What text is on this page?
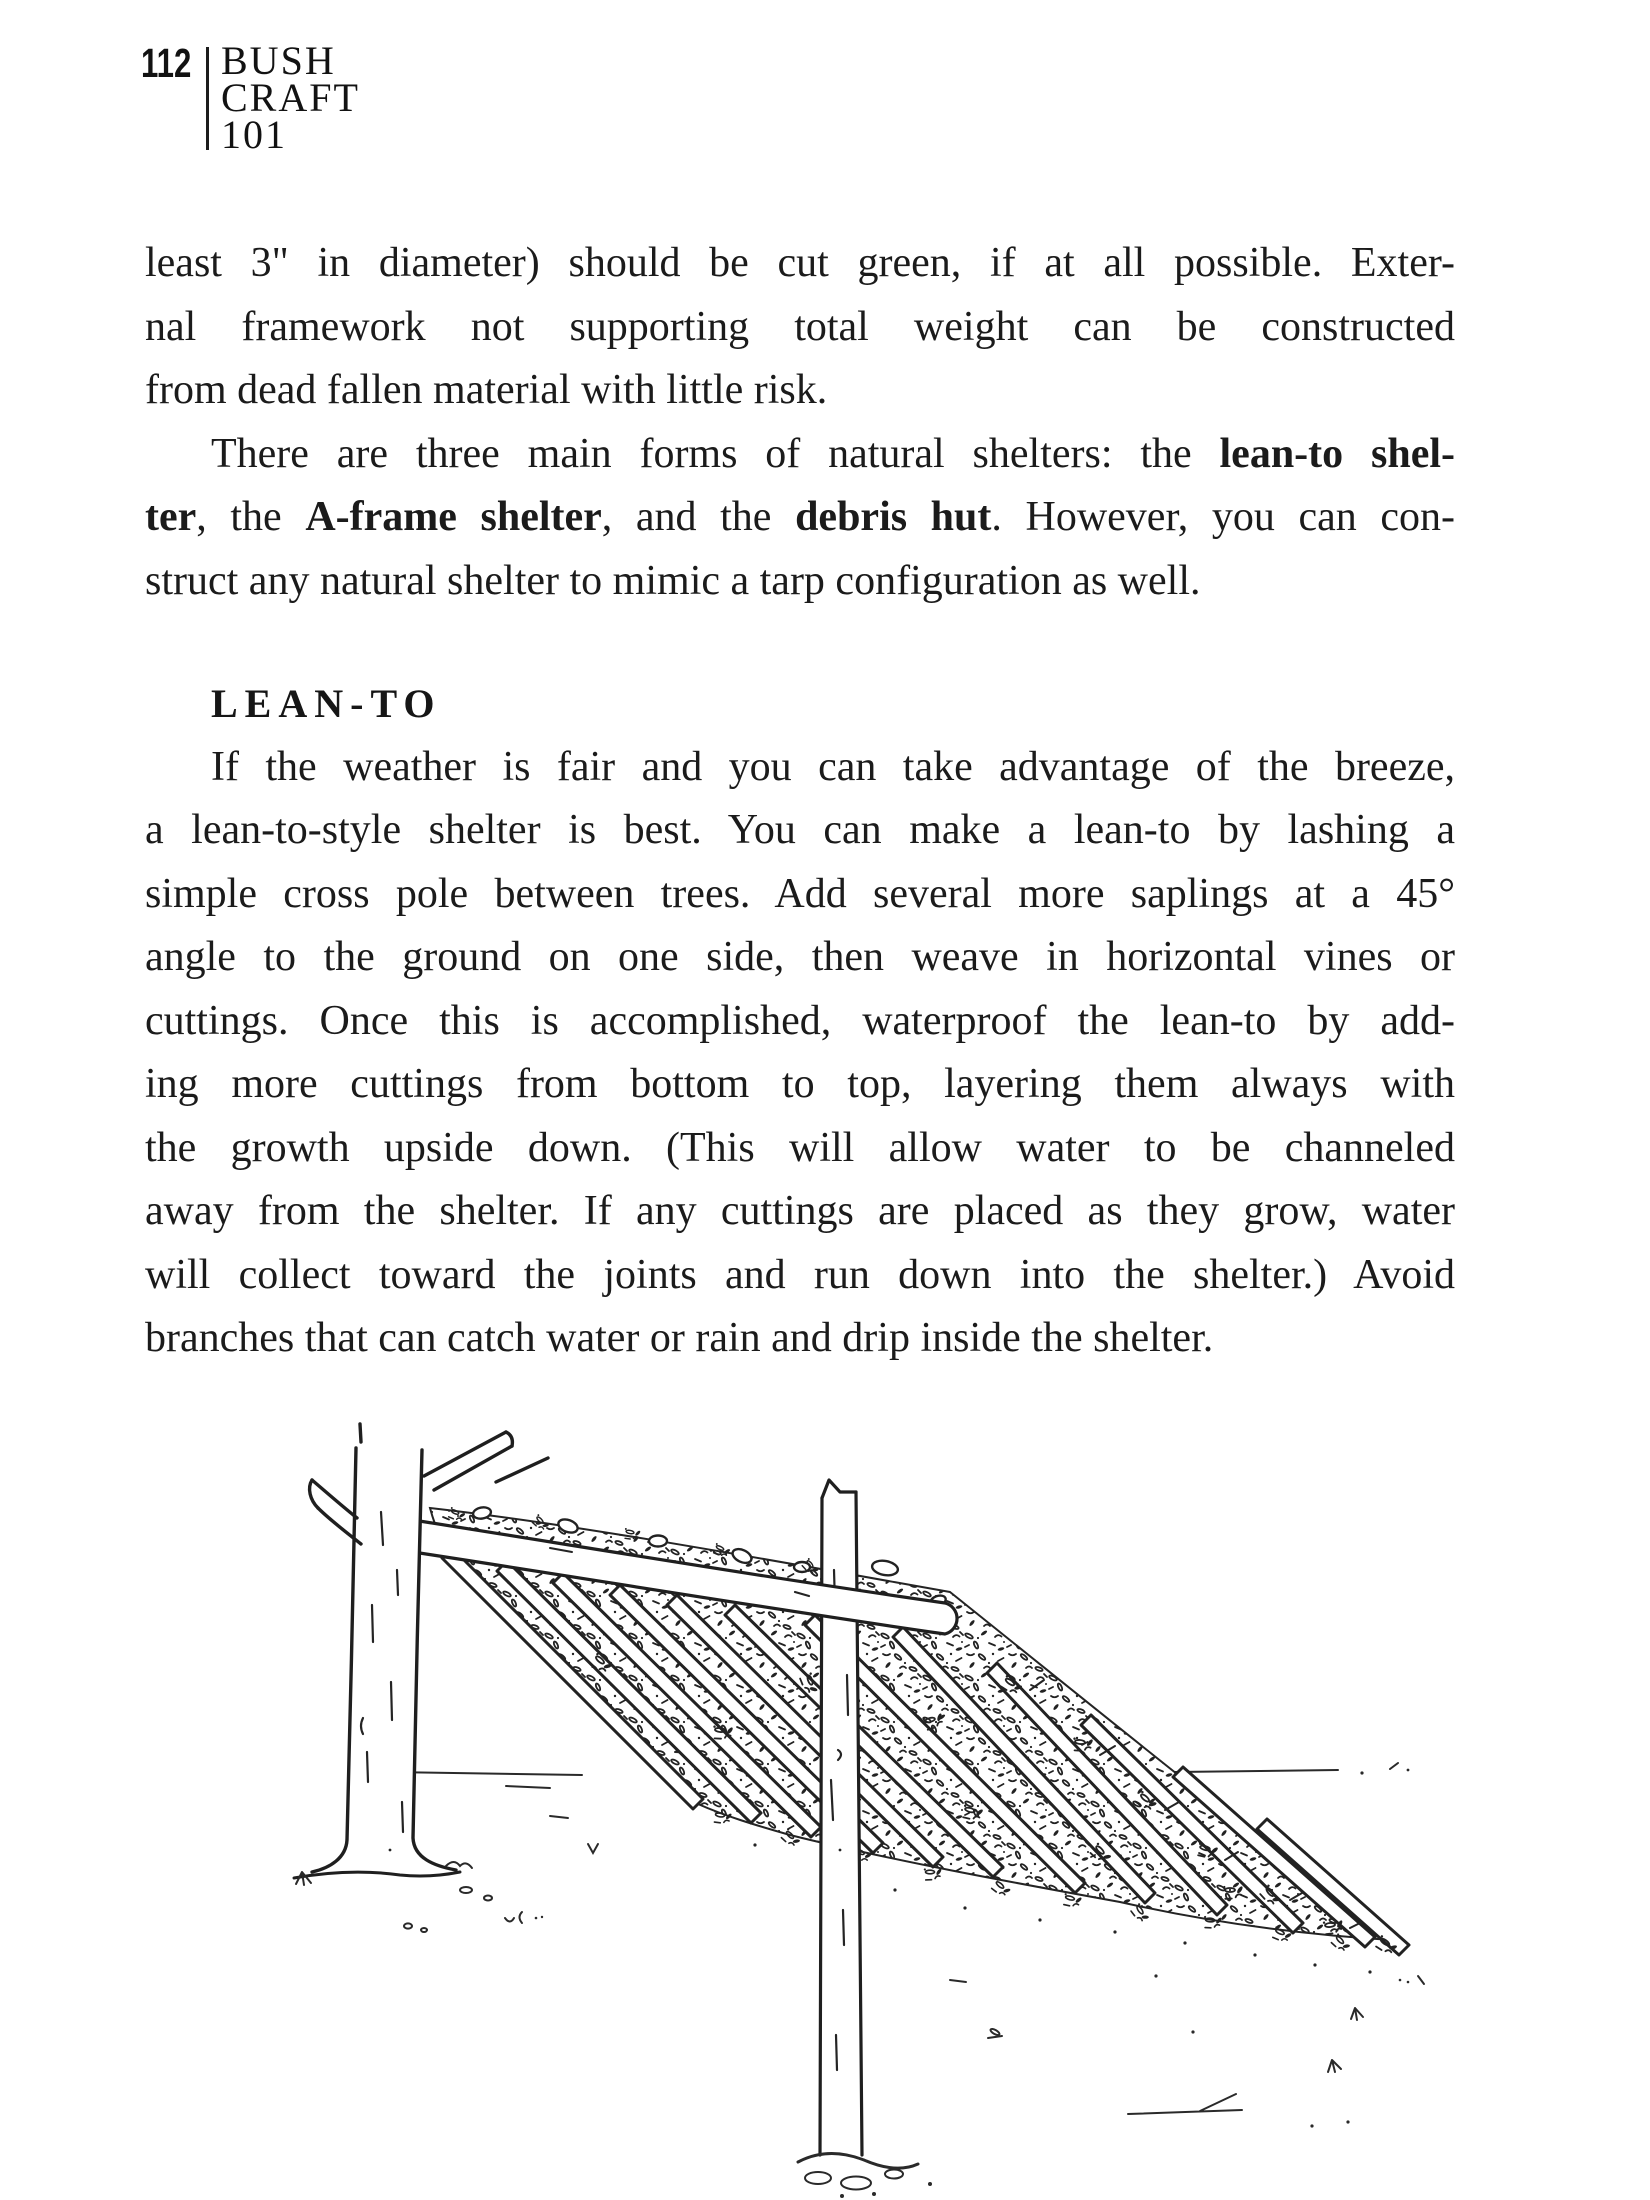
112 BUSH
CRAFT
101
least 3" in diameter) should be cut green, if at all possible. Exter-
nal framework not supporting total weight can be constructed
from dead fallen material with little risk.
There are three main forms of natural shelters: the lean-to shel-
ter, the A-frame shelter, and the debris hut. However, you can con-
struct any natural shelter to mimic a tarp configuration as well.
LEAN-TO
If the weather is fair and you can take advantage of the breeze,
a lean-to-style shelter is best. You can make a lean-to by lashing a
simple cross pole between trees. Add several more saplings at a 45°
angle to the ground on one side, then weave in horizontal vines or
cuttings. Once this is accomplished, waterproof the lean-to by add-
ing more cuttings from bottom to top, layering them always with
the growth upside down. (This will allow water to be channeled
away from the shelter. If any cuttings are placed as they grow, water
will collect toward the joints and run down into the shelter.) Avoid
branches that can catch water or rain and drip inside the shelter.
